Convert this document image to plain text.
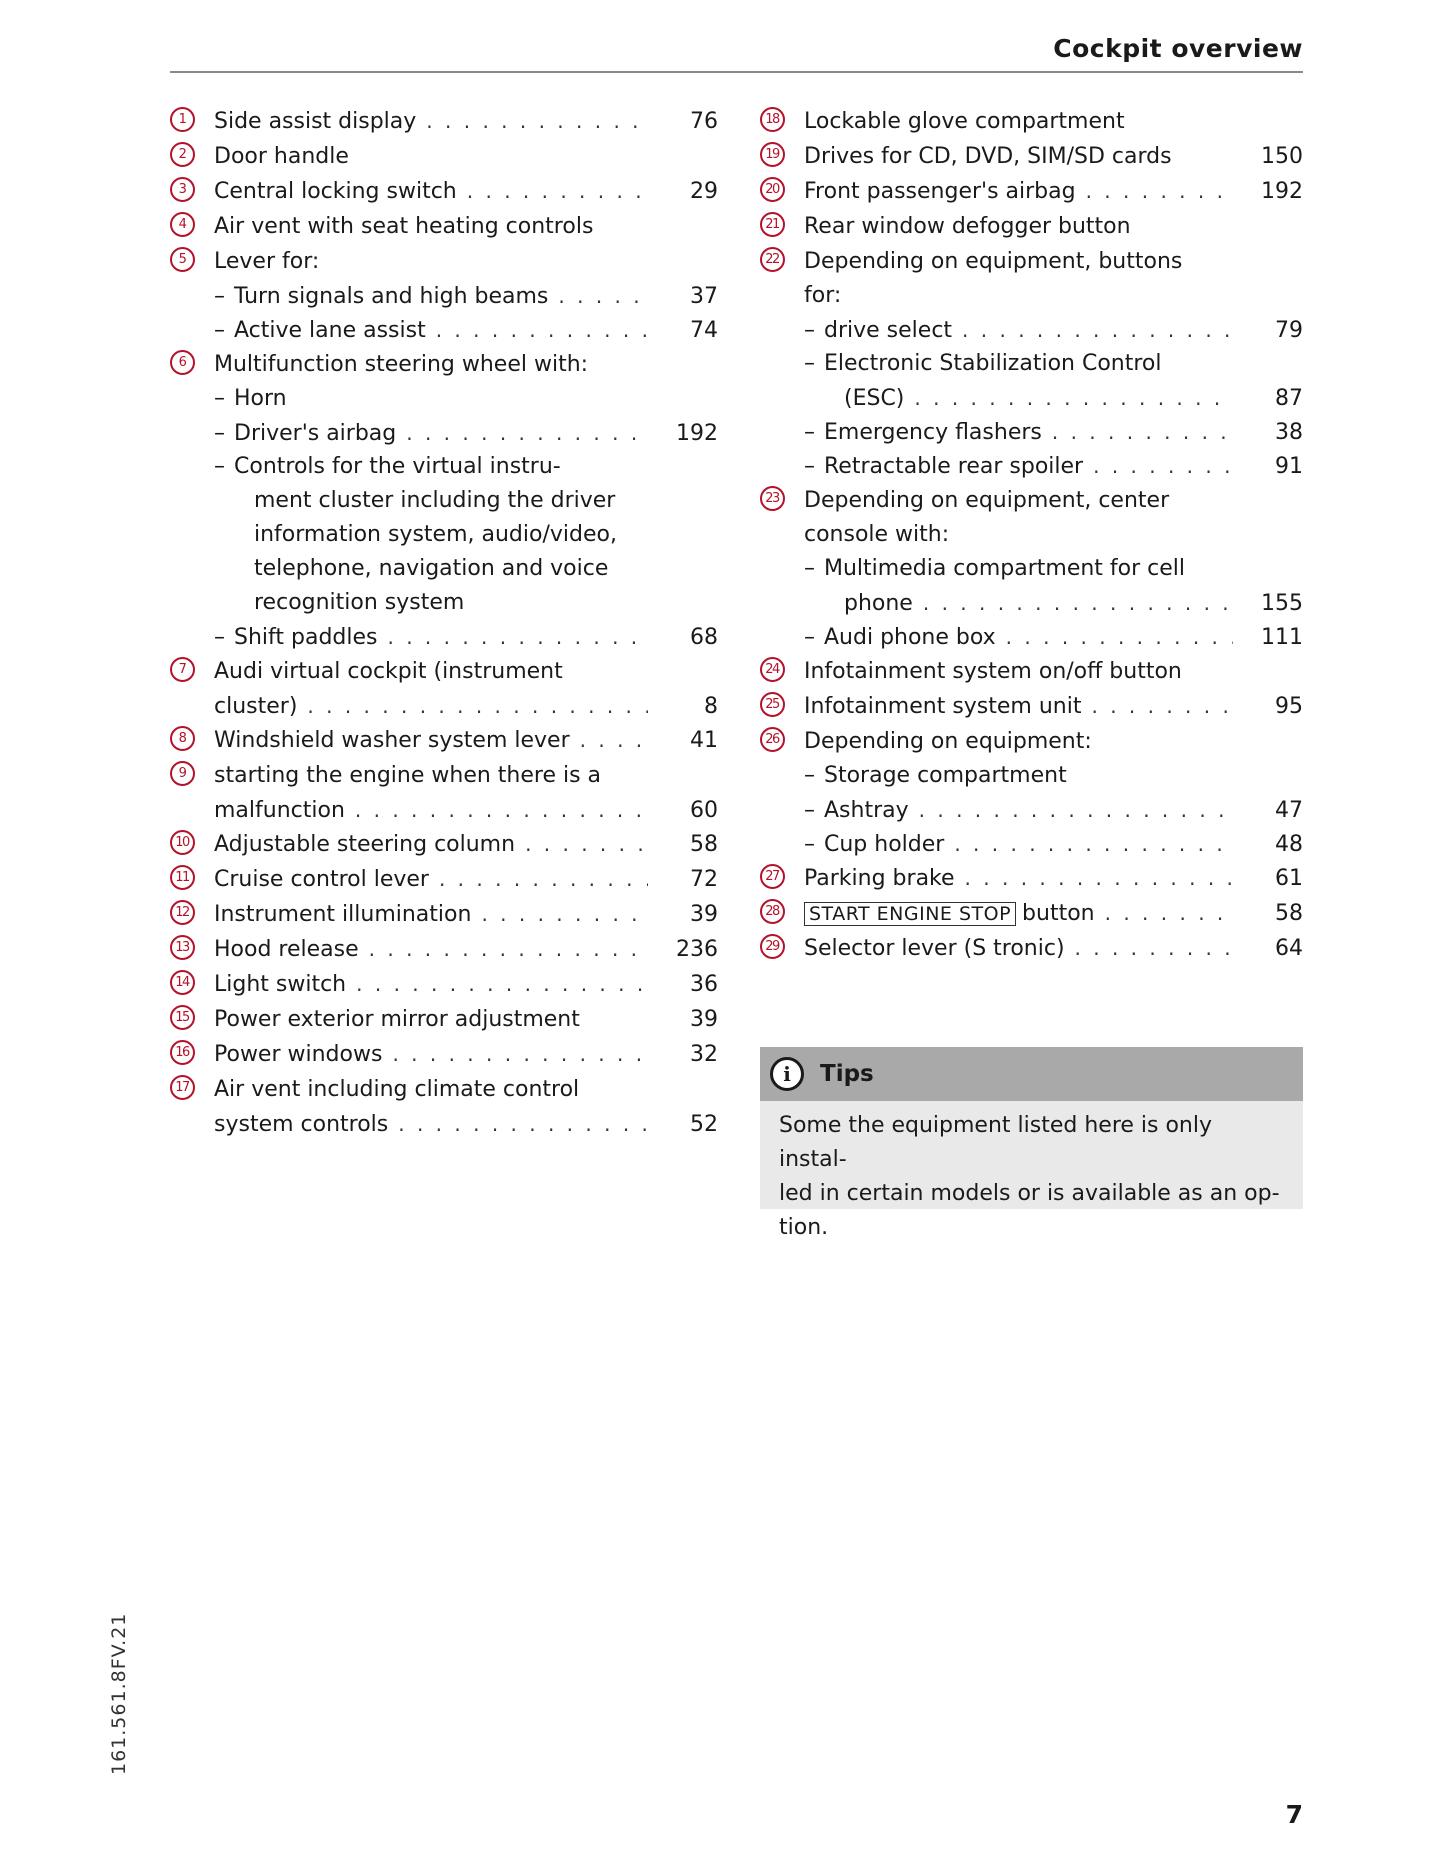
Cockpit overview
1	Side assist display . . .	76
2	Door handle
3	Central locking switch . . .	29
4	Air vent with seat heating controls
5	Lever for:
– Turn signals and high beams . . .	37
– Active lane assist . . .	74
6	Multifunction steering wheel with:
– Horn
– Driver's airbag . . .	192
– Controls for the virtual instru-
ment cluster including the driver
information system, audio/video,
telephone, navigation and voice
recognition system
– Shift paddles . . .	68
7	Audi virtual cockpit (instrument
cluster) . . .	8
8	Windshield washer system lever . . .	41
9	starting the engine when there is a
malfunction . . .	60
10 Adjustable steering column . . .	58
11 Cruise control lever . . .	72
12 Instrument illumination . . .	39
13 Hood release . . .	236
14 Light switch . . .	36
15 Power exterior mirror adjustment	39
16 Power windows . . .	32
17 Air vent including climate control
system controls . . .	52
18 Lockable glove compartment
19 Drives for CD, DVD, SIM/SD cards	150
20 Front passenger's airbag . . .	192
21 Rear window defogger button
22 Depending on equipment, buttons
for:
– drive select . . .	79
– Electronic Stabilization Control
(ESC) . . .	87
– Emergency flashers . . .	38
– Retractable rear spoiler . . .	91
23 Depending on equipment, center
console with:
– Multimedia compartment for cell
phone . . .	155
– Audi phone box . . .	111
24 Infotainment system on/off button
25 Infotainment system unit . . .	95
26 Depending on equipment:
– Storage compartment
– Ashtray . . .	47
– Cup holder . . .	48
27 Parking brake . . .	61
28	START ENGINE STOP button . . .	58
29 Selector lever (S tronic) . . .	64
i	Tips
Some the equipment listed here is only instal-
led in certain models or is available as an op-
tion.
161.561.8FV.21
7
